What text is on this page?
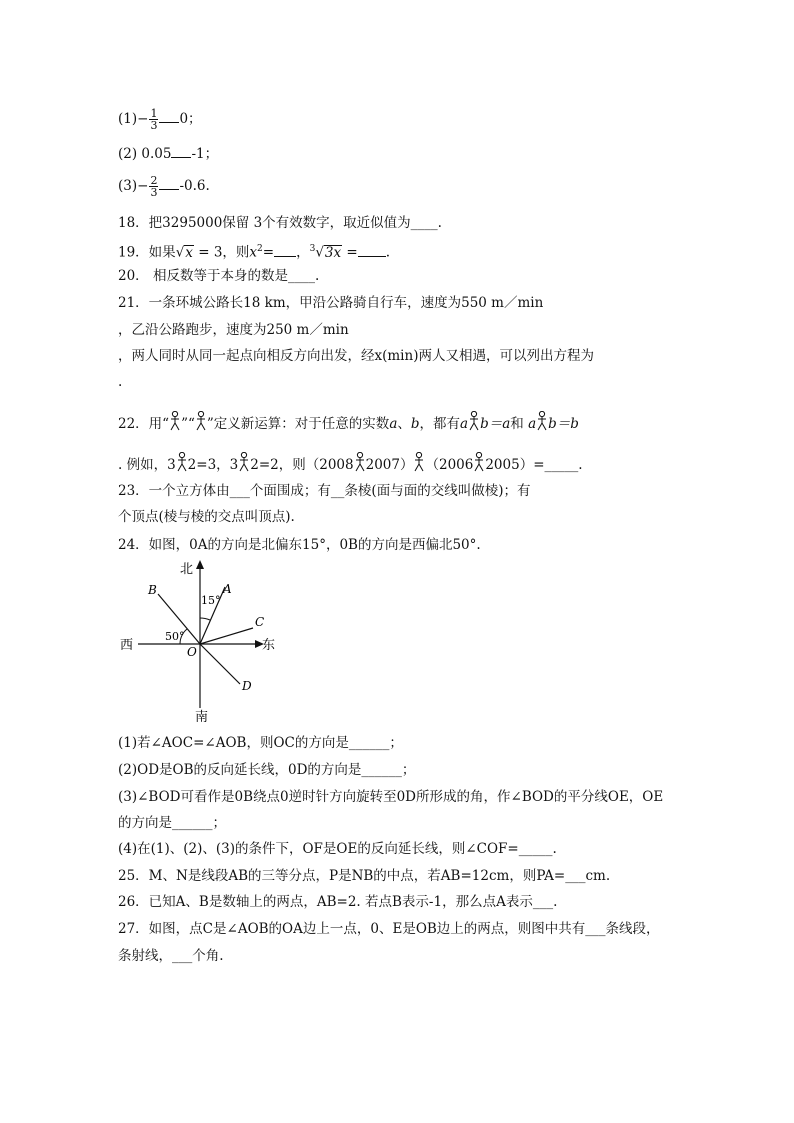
$(1)- \frac{1}{3} 0$；
(2) 0.05 -1；
$(3)- \frac{2}{3} -0.6$.
18．把3295000保留 3个有效数字，取近似值为____.
19．如果√x = 3，则$x^2=$ ，$^3$√3x = .
20． 相反数等于本身的数是____.
21．一条环城公路长18 km，甲沿公路骑自行车，速度为550 m／min
，乙沿公路跑步，速度为250 m／min
，两人同时从同一起点向相反方向出发，经x(min)两人又相遇，可以列出方程为
.
22．用“ ”“ ”定义新运算：对于任意的实数a、b，都有a b＝a和 a b＝b
. 例如，3 2=3，3 2=2，则（2008 2007） （2006 2005）=_____.
23．一个立方体由___个面围成；有__条棱(面与面的交线叫做棱)；有
个顶点(棱与棱的交点叫顶点).
24．如图，0A的方向是北偏东15°，0B的方向是西偏北50°.
北
南
东
西
A
B
C
D
O
15°
50°
(1)若∠AOC=∠AOB，则OC的方向是______；
(2)OD是OB的反向延长线，0D的方向是______；
(3)∠BOD可看作是0B绕点0逆时针方向旋转至0D所形成的角，作∠BOD的平分线OE，OE
的方向是______；
(4)在(1)、(2)、(3)的条件下，OF是OE的反向延长线，则∠COF=_____.
25．M、N是线段AB的三等分点，P是NB的中点，若AB=12cm，则PA=___cm.
26．已知A、B是数轴上的两点，AB=2. 若点B表示-1，那么点A表示___.
27．如图，点C是∠AOB的OA边上一点，0、E是OB边上的两点，则图中共有___条线段，
条射线，___个角.
